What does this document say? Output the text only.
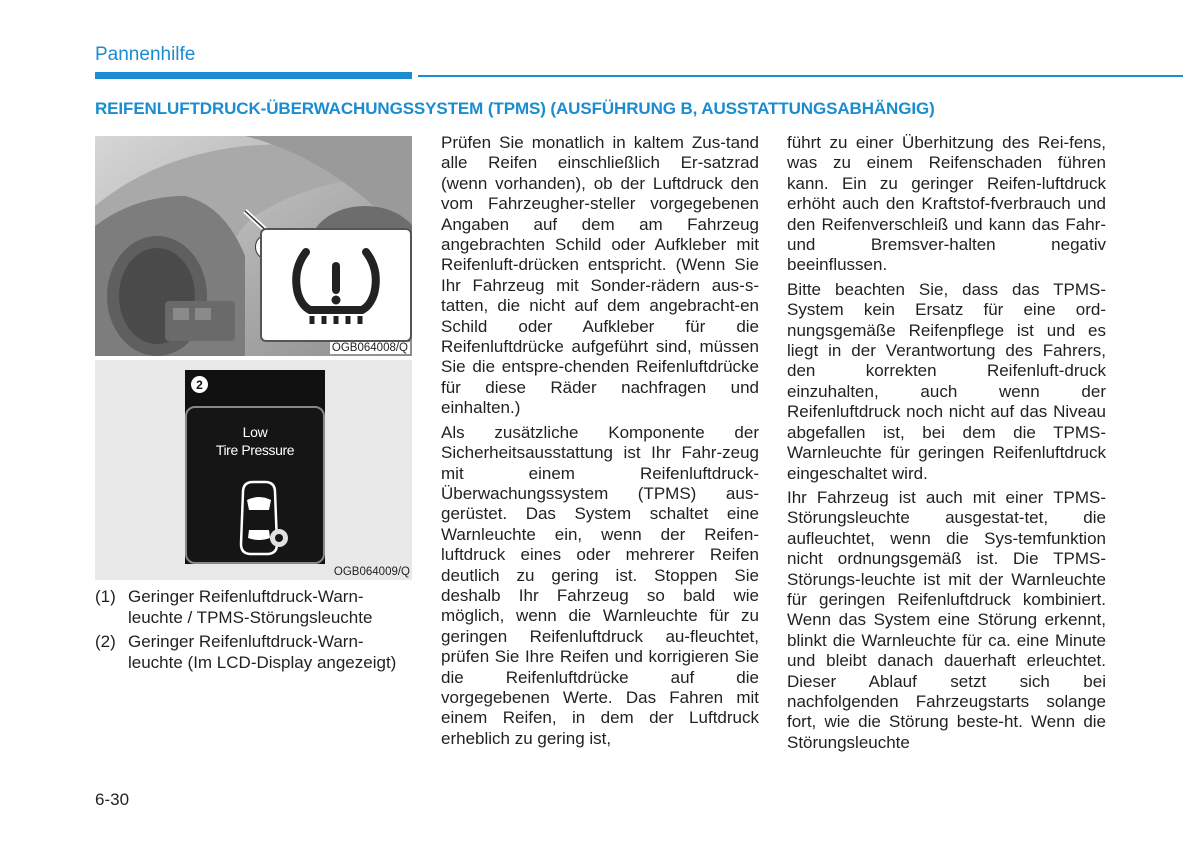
Pannenhilfe
REIFENLUFTDRUCK-ÜBERWACHUNGSSYSTEM (TPMS) (AUSFÜHRUNG B, AUSSTATTUNGSABHÄNGIG)
OGB064008/Q
2
Low
Tire Pressure
OGB064009/Q
(1) Geringer Reifenluftdruck-Warn-leuchte / TPMS-Störungsleuchte
(2) Geringer Reifenluftdruck-Warn-leuchte (Im LCD-Display angezeigt)

Prüfen Sie monatlich in kaltem Zus-tand alle Reifen einschließlich Er-satzrad (wenn vorhanden), ob der Luftdruck den vom Fahrzeugher-steller vorgegebenen Angaben auf dem am Fahrzeug angebrachten Schild oder Aufkleber mit Reifenluft-drücken entspricht. (Wenn Sie Ihr Fahrzeug mit Sonder-rädern aus-s-tatten, die nicht auf dem angebracht-en Schild oder Aufkleber für die Reifenluftdrücke aufgeführt sind, müssen Sie die entspre-chenden Reifenluftdrücke für diese Räder nachfragen und einhalten.)

Als zusätzliche Komponente der Sicherheitsausstattung ist Ihr Fahr-zeug mit einem Reifenluftdruck-Überwachungssystem (TPMS) aus-gerüstet. Das System schaltet eine Warnleuchte ein, wenn der Reifen-luftdruck eines oder mehrerer Reifen deutlich zu gering ist. Stoppen Sie deshalb Ihr Fahrzeug so bald wie möglich, wenn die Warnleuchte für zu geringen Reifenluftdruck au-fleuchtet, prüfen Sie Ihre Reifen und korrigieren Sie die Reifenluftdrücke auf die vorgegebenen Werte. Das Fahren mit einem Reifen, in dem der Luftdruck erheblich zu gering ist,

führt zu einer Überhitzung des Rei-fens, was zu einem Reifenschaden führen kann. Ein zu geringer Reifen-luftdruck erhöht auch den Kraftstof-fverbrauch und den Reifenverschleiß und kann das Fahr-und Bremsver-halten negativ beeinflussen.

Bitte beachten Sie, dass das TPMS-System kein Ersatz für eine ord-nungsgemäße Reifenpflege ist und es liegt in der Verantwortung des Fahrers, den korrekten Reifenluft-druck einzuhalten, auch wenn der Reifenluftdruck noch nicht auf das Niveau abgefallen ist, bei dem die TPMS-Warnleuchte für geringen Reifenluftdruck eingeschaltet wird.

Ihr Fahrzeug ist auch mit einer TPMS-Störungsleuchte ausgestat-tet, die aufleuchtet, wenn die Sys-temfunktion nicht ordnungsgemäß ist. Die TPMS-Störungs-leuchte ist mit der Warnleuchte für geringen Reifenluftdruck kombiniert. Wenn das System eine Störung erkennt, blinkt die Warnleuchte für ca. eine Minute und bleibt danach dauerhaft erleuchtet. Dieser Ablauf setzt sich bei nachfolgenden Fahrzeugstarts solange fort, wie die Störung beste-ht. Wenn die Störungsleuchte

6-30
